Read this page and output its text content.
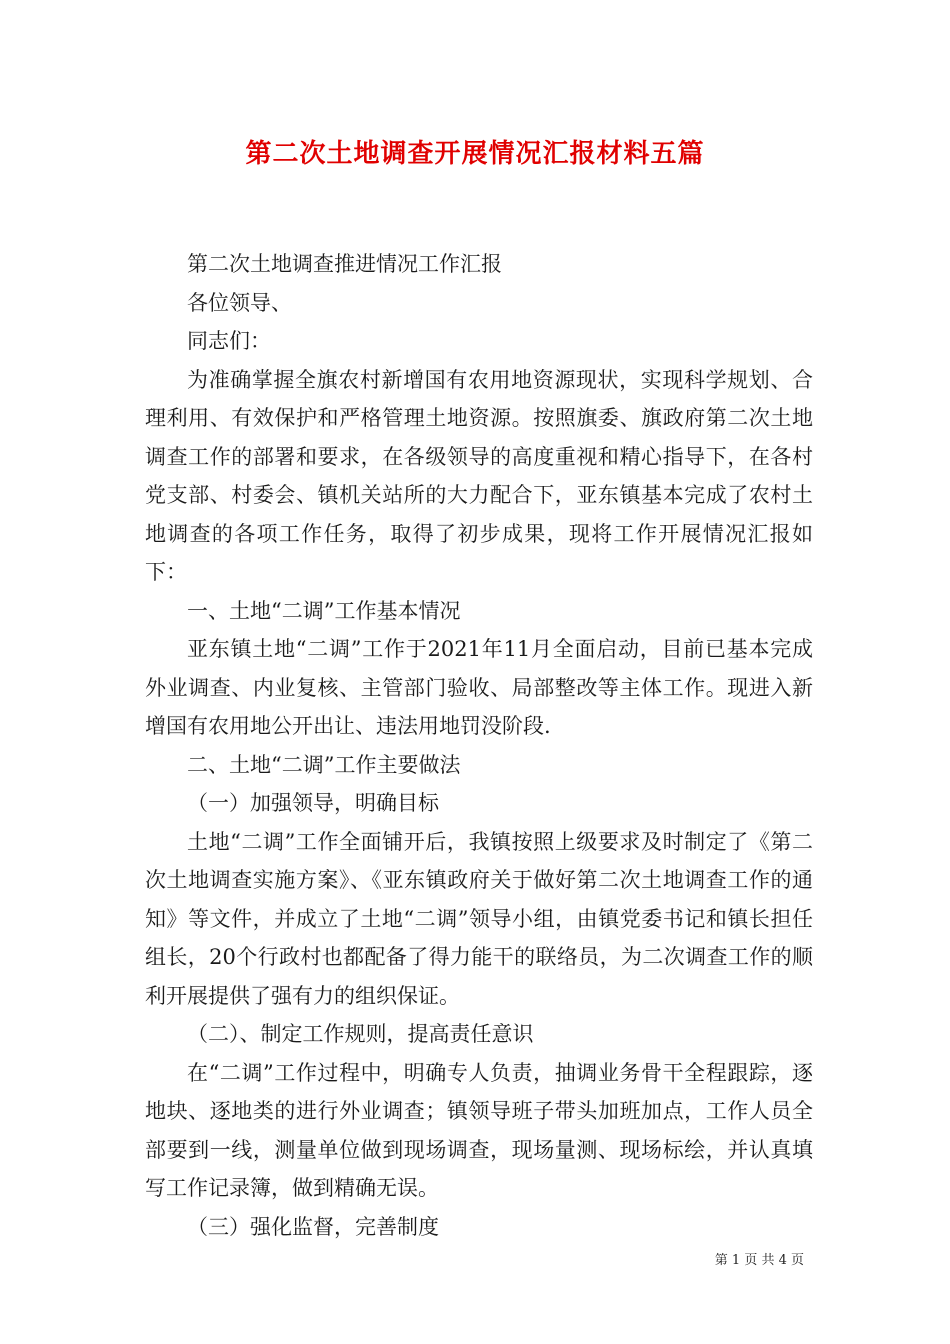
第二次土地调查开展情况汇报材料五篇

第二次土地调查推进情况工作汇报

各位领导、

同志们：

为准确掌握全旗农村新增国有农用地资源现状，实现科学规划、合理利用、有效保护和严格管理土地资源。按照旗委、旗政府第二次土地调查工作的部署和要求，在各级领导的高度重视和精心指导下，在各村党支部、村委会、镇机关站所的大力配合下，亚东镇基本完成了农村土地调查的各项工作任务，取得了初步成果，现将工作开展情况汇报如下：

一、土地“二调”工作基本情况

亚东镇土地“二调”工作于2021年11月全面启动，目前已基本完成外业调查、内业复核、主管部门验收、局部整改等主体工作。现进入新增国有农用地公开出让、违法用地罚没阶段.

二、土地“二调”工作主要做法

（一）加强领导，明确目标

土地“二调”工作全面铺开后，我镇按照上级要求及时制定了《第二次土地调查实施方案》、《亚东镇政府关于做好第二次土地调查工作的通知》等文件，并成立了土地“二调”领导小组，由镇党委书记和镇长担任组长，20个行政村也都配备了得力能干的联络员，为二次调查工作的顺利开展提供了强有力的组织保证。

（二）、制定工作规则，提高责任意识

在“二调”工作过程中，明确专人负责，抽调业务骨干全程跟踪，逐地块、逐地类的进行外业调查；镇领导班子带头加班加点，工作人员全部要到一线，测量单位做到现场调查，现场量测、现场标绘，并认真填写工作记录簿，做到精确无误。

（三）强化监督，完善制度

第 1 页 共 4 页
